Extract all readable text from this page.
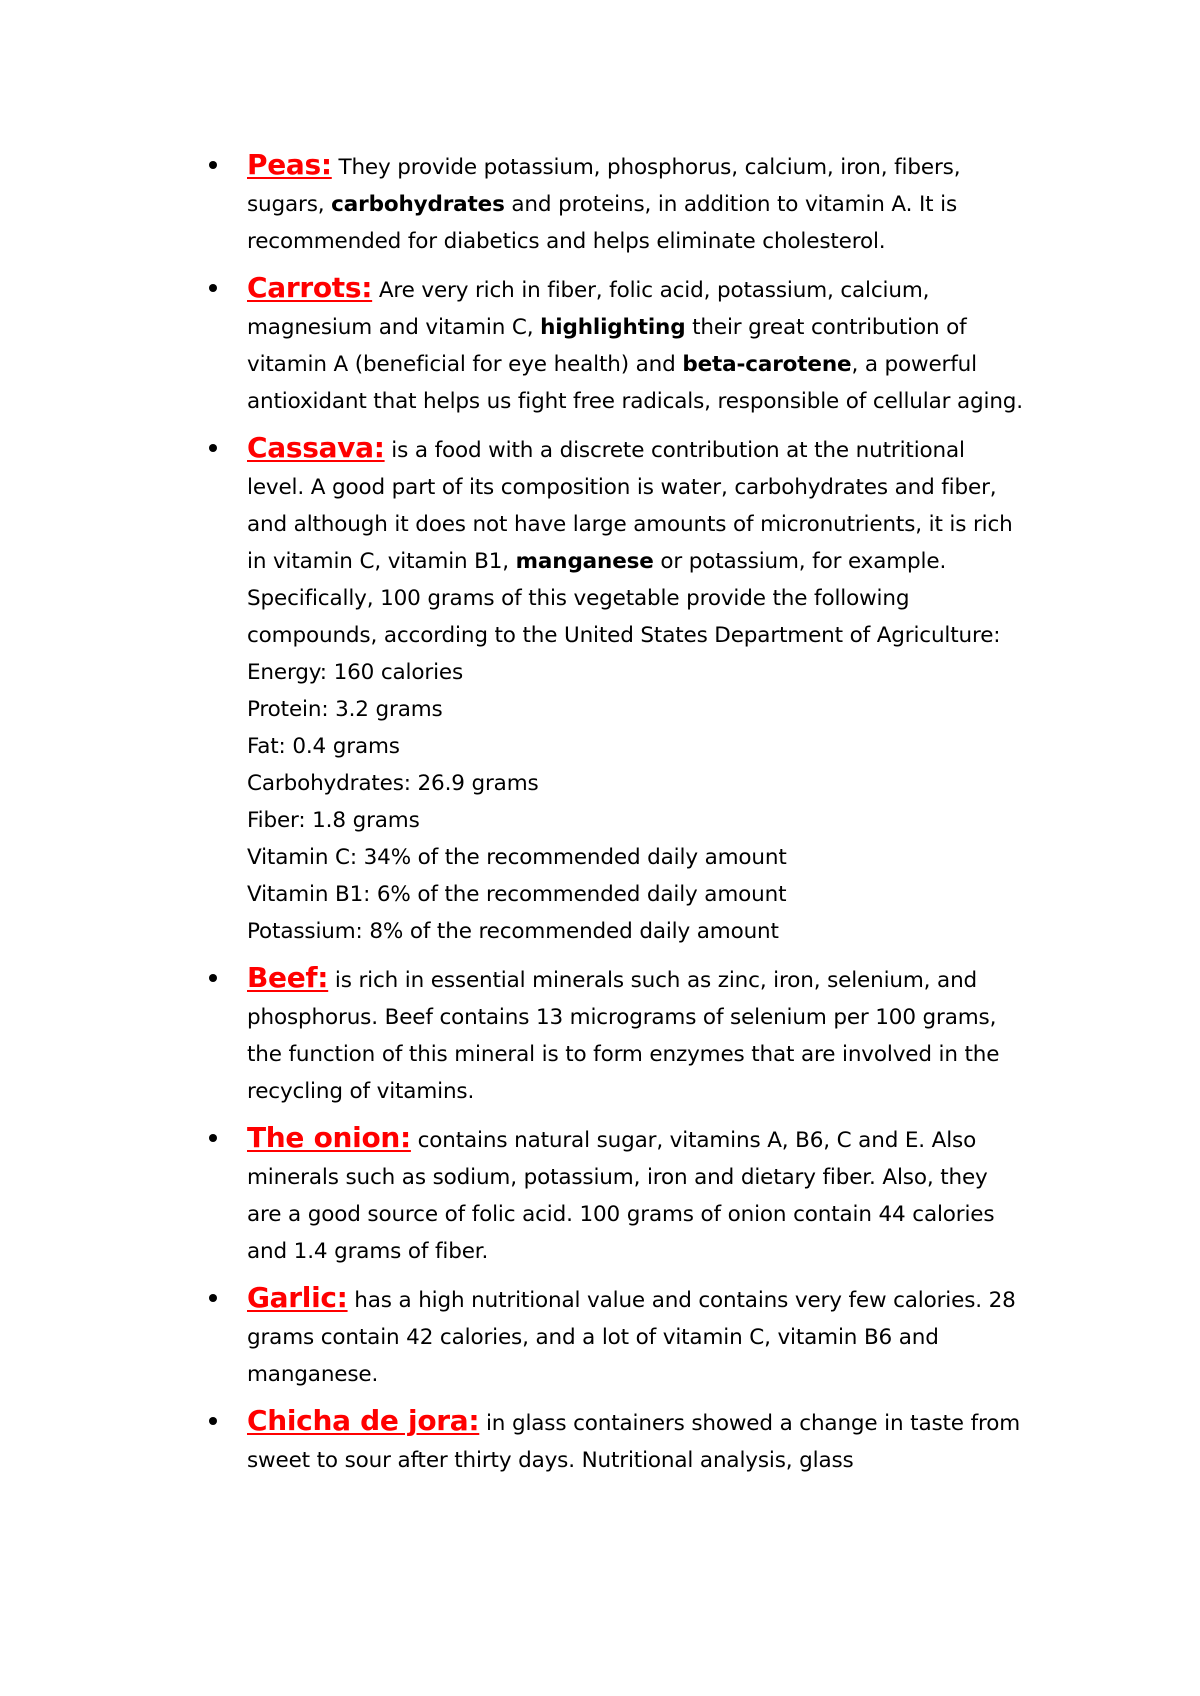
Peas: They provide potassium, phosphorus, calcium, iron, fibers, sugars, carbohydrates and proteins, in addition to vitamin A. It is recommended for diabetics and helps eliminate cholesterol.
Carrots: Are very rich in fiber, folic acid, potassium, calcium, magnesium and vitamin C, highlighting their great contribution of vitamin A (beneficial for eye health) and beta-carotene, a powerful antioxidant that helps us fight free radicals, responsible of cellular aging.
Cassava: is a food with a discrete contribution at the nutritional level. A good part of its composition is water, carbohydrates and fiber, and although it does not have large amounts of micronutrients, it is rich in vitamin C, vitamin B1, manganese or potassium, for example. Specifically, 100 grams of this vegetable provide the following compounds, according to the United States Department of Agriculture:
Energy: 160 calories
Protein: 3.2 grams
Fat: 0.4 grams
Carbohydrates: 26.9 grams
Fiber: 1.8 grams
Vitamin C: 34% of the recommended daily amount
Vitamin B1: 6% of the recommended daily amount
Potassium: 8% of the recommended daily amount
Beef: is rich in essential minerals such as zinc, iron, selenium, and phosphorus. Beef contains 13 micrograms of selenium per 100 grams, the function of this mineral is to form enzymes that are involved in the recycling of vitamins.
The onion: contains natural sugar, vitamins A, B6, C and E. Also minerals such as sodium, potassium, iron and dietary fiber. Also, they are a good source of folic acid. 100 grams of onion contain 44 calories and 1.4 grams of fiber.
Garlic: has a high nutritional value and contains very few calories. 28 grams contain 42 calories, and a lot of vitamin C, vitamin B6 and manganese.
Chicha de jora: in glass containers showed a change in taste from sweet to sour after thirty days. Nutritional analysis, glass
